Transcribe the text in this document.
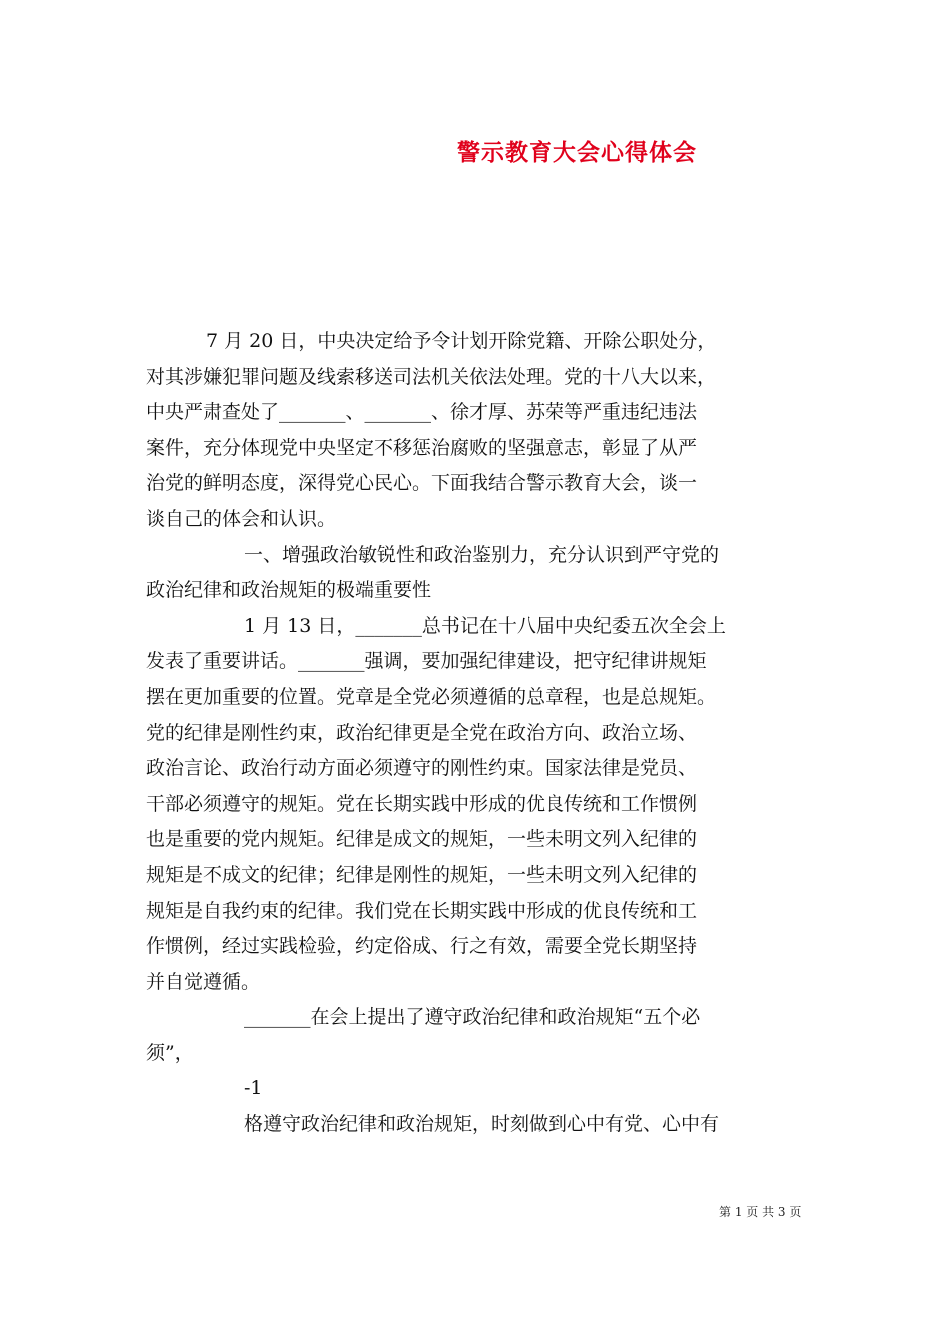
警示教育大会心得体会
7 月 20 日，中央决定给予令计划开除党籍、开除公职处分，
对其涉嫌犯罪问题及线索移送司法机关依法处理。党的十八大以来，
中央严肃查处了_______、_______、徐才厚、苏荣等严重违纪违法
案件，充分体现党中央坚定不移惩治腐败的坚强意志，彰显了从严
治党的鲜明态度，深得党心民心。下面我结合警示教育大会，谈一
谈自己的体会和认识。
一、增强政治敏锐性和政治鉴别力，充分认识到严守党的
政治纪律和政治规矩的极端重要性
1 月 13 日，_______总书记在十八届中央纪委五次全会上
发表了重要讲话。_______强调，要加强纪律建设，把守纪律讲规矩
摆在更加重要的位置。党章是全党必须遵循的总章程，也是总规矩。
党的纪律是刚性约束，政治纪律更是全党在政治方向、政治立场、
政治言论、政治行动方面必须遵守的刚性约束。国家法律是党员、
干部必须遵守的规矩。党在长期实践中形成的优良传统和工作惯例
也是重要的党内规矩。纪律是成文的规矩，一些未明文列入纪律的
规矩是不成文的纪律；纪律是刚性的规矩，一些未明文列入纪律的
规矩是自我约束的纪律。我们党在长期实践中形成的优良传统和工
作惯例，经过实践检验，约定俗成、行之有效，需要全党长期坚持
并自觉遵循。
_______在会上提出了遵守政治纪律和政治规矩“五个必
须”，
-1
格遵守政治纪律和政治规矩，时刻做到心中有党、心中有
第 1 页 共 3 页
